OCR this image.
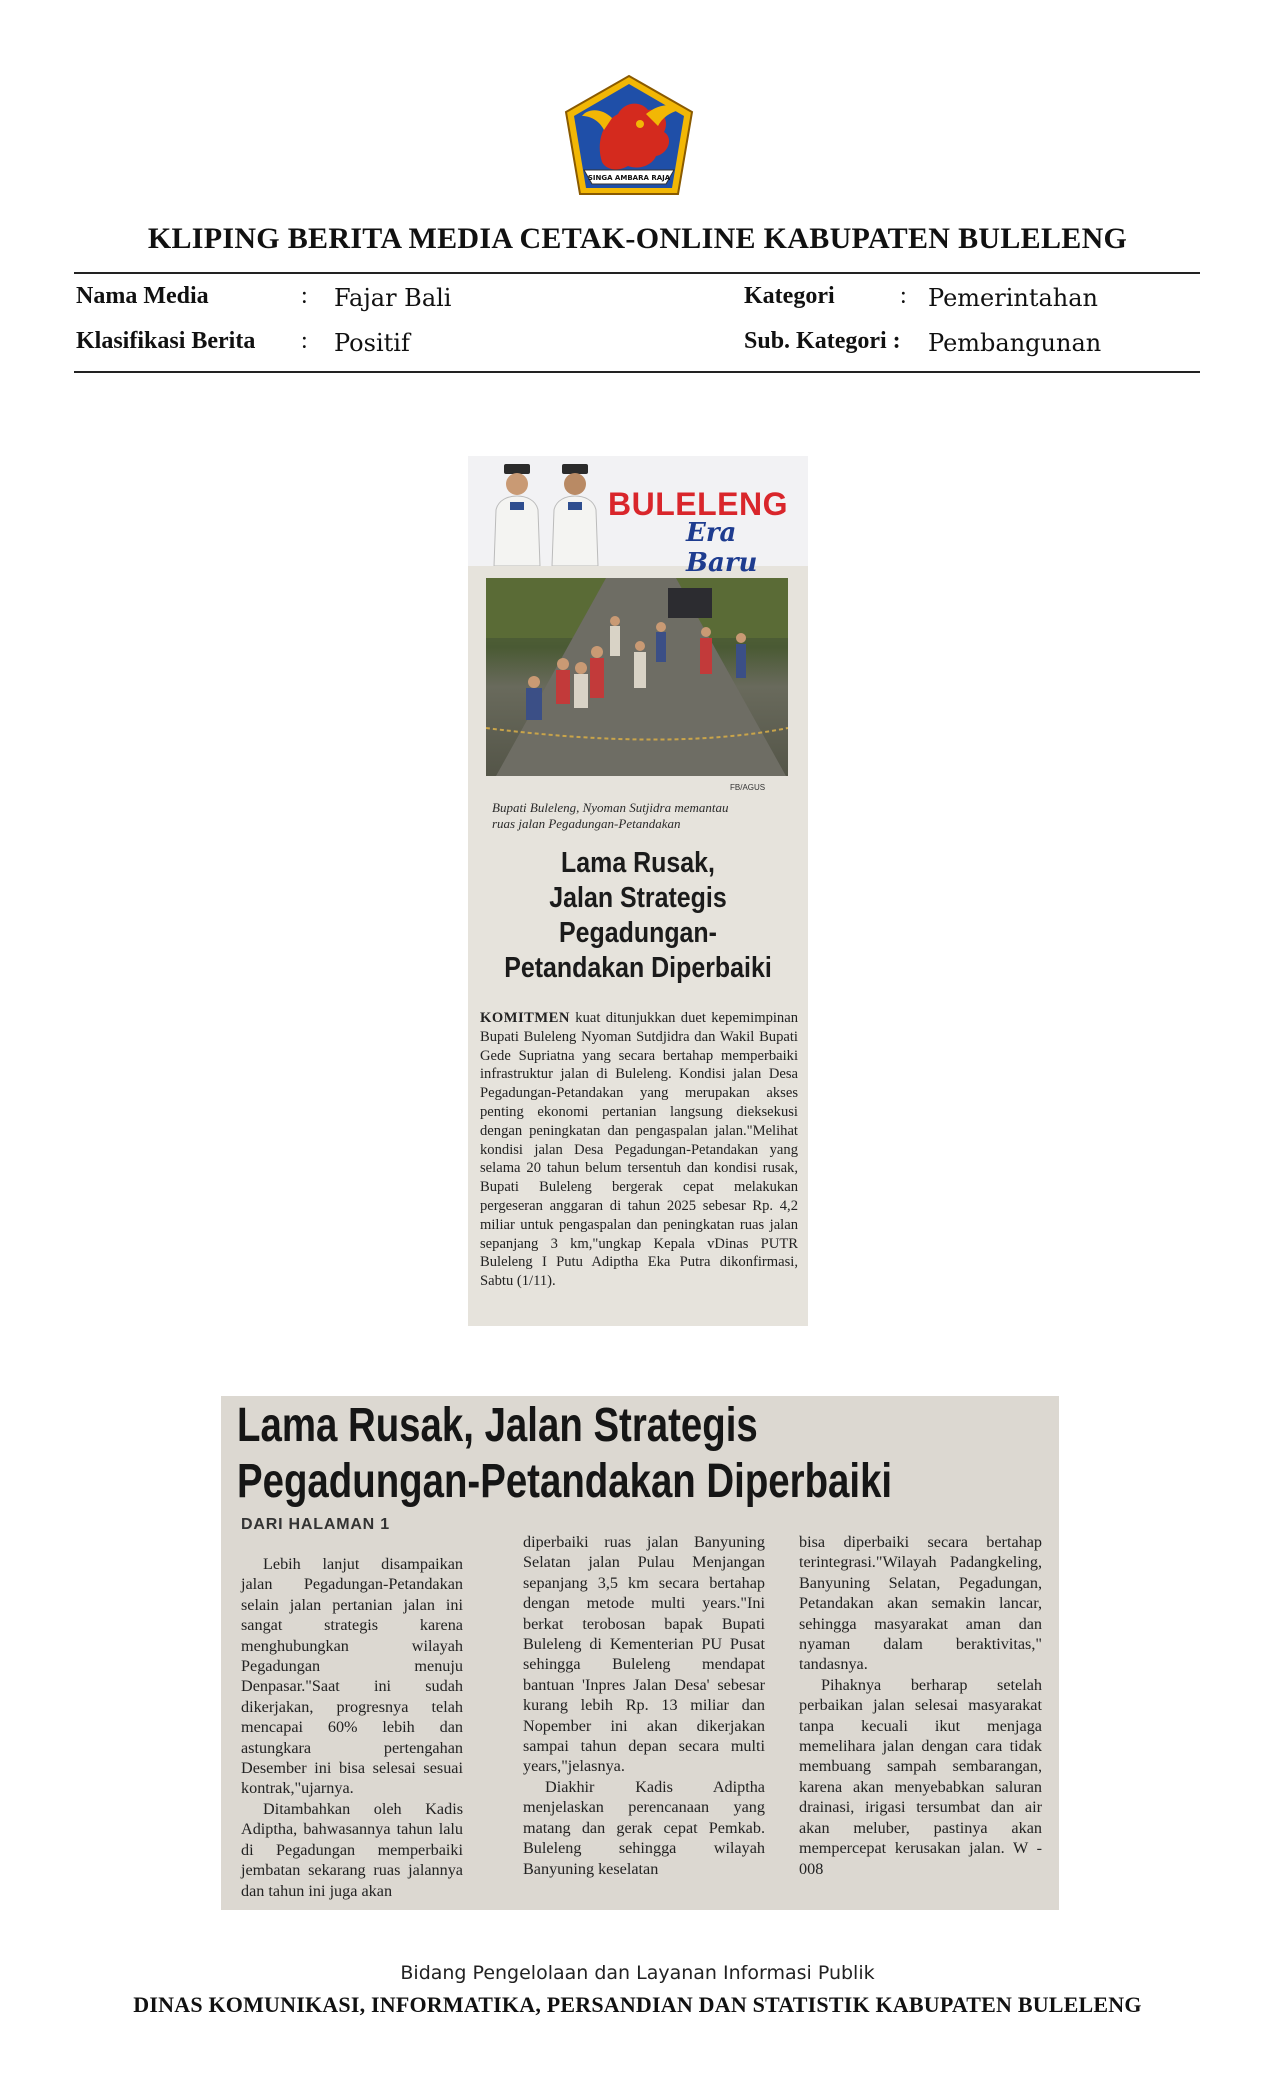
SINGA AMBARA RAJA
KLIPING BERITA MEDIA CETAK-ONLINE KABUPATEN BULELENG
Nama Media	: Fajar Bali
Klasifikasi Berita : Positif
Kategori	: Pemerintahan
Sub. Kategori : Pembangunan
BULELENG
Era Baru
FB/AGUS
Bupati Buleleng, Nyoman Sutjidra memantau
ruas jalan Pegadungan-Petandakan
Lama Rusak,
Jalan Strategis
Pegadungan-
Petandakan Diperbaiki
KOMITMEN kuat ditunjukkan duet kepemimpinan Bupati Buleleng Nyoman Sutdjidra dan Wakil Bupati Gede Supriatna yang secara bertahap memperbaiki infrastruktur jalan di Buleleng. Kondisi jalan Desa Pegadungan-Petandakan yang merupakan akses penting ekonomi pertanian langsung dieksekusi dengan peningkatan dan pengaspalan jalan."Melihat kondisi jalan Desa Pegadungan-Petandakan yang selama 20 tahun belum tersentuh dan kondisi rusak, Bupati Buleleng bergerak cepat melakukan pergeseran anggaran di tahun 2025 sebesar Rp. 4,2 miliar untuk pengaspalan dan peningkatan ruas jalan sepanjang 3 km,"ungkap Kepala vDinas PUTR Buleleng I Putu Adiptha Eka Putra dikonfirmasi, Sabtu (1/11).
Lama Rusak, Jalan Strategis
Pegadungan-Petandakan Diperbaiki
DARI HALAMAN 1

Lebih lanjut disampaikan jalan Pegadungan-Petandakan selain jalan pertanian jalan ini sangat strategis karena menghubungkan wilayah Pegadungan menuju Denpasar."Saat ini sudah dikerjakan, progresnya telah mencapai 60% lebih dan astungkara pertengahan Desember ini bisa selesai sesuai kontrak,"ujarnya.

Ditambahkan oleh Kadis Adiptha, bahwasannya tahun lalu di Pegadungan memperbaiki jembatan sekarang ruas jalannya dan tahun ini juga akan

diperbaiki ruas jalan Banyuning Selatan jalan Pulau Menjangan sepanjang 3,5 km secara bertahap dengan metode multi years."Ini berkat terobosan bapak Bupati Buleleng di Kementerian PU Pusat sehingga Buleleng mendapat bantuan 'Inpres Jalan Desa' sebesar kurang lebih Rp. 13 miliar dan Nopember ini akan dikerjakan sampai tahun depan secara multi years,"jelasnya.

Diakhir Kadis Adiptha menjelaskan perencanaan yang matang dan gerak cepat Pemkab. Buleleng sehingga wilayah Banyuning keselatan

bisa diperbaiki secara bertahap terintegrasi."Wilayah Padangkeling, Banyuning Selatan, Pegadungan, Petandakan akan semakin lancar, sehingga masyarakat aman dan nyaman dalam beraktivitas," tandasnya.

Pihaknya berharap setelah perbaikan jalan selesai masyarakat tanpa kecuali ikut menjaga memelihara jalan dengan cara tidak membuang sampah sembarangan, karena akan menyebabkan saluran drainasi, irigasi tersumbat dan air akan meluber, pastinya akan mempercepat kerusakan jalan. W - 008

Bidang Pengelolaan dan Layanan Informasi Publik
DINAS KOMUNIKASI, INFORMATIKA, PERSANDIAN DAN STATISTIK KABUPATEN BULELENG
